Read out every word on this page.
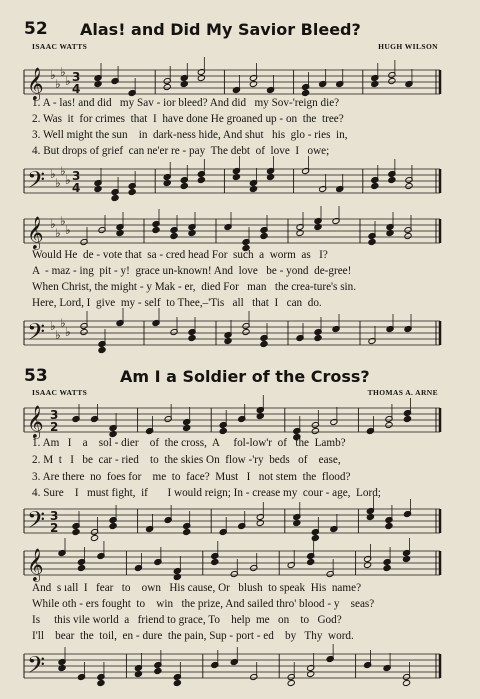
52 Alas! and Did My Savior Bleed?
ISAAC WATTS	HUGH WILSON
𝄞 ♭
♭
♭
♭ 3
4
1. A - las! and did   my Sav - ior bleed? And did   my Sov-'reign die?
2. Was  it  for crimes  that  I  have done He groaned up - on  the  tree?
3. Well might the sun    in  dark-ness hide, And shut   his  glo - ries  in,
4. But drops of grief  can ne'er re - pay  The debt  of  love  I   owe;
𝄢 ♭
♭
♭
♭ 3
4
𝄞 ♭
♭
♭
♭
Would He  de - vote that  sa - cred head For  such  a  worm  as   I?
A  - maz - ing  pit - y!  grace un-known! And  love   be - yond  de-gree!
When Christ, the might - y Mak - er,  died For   man   the crea-ture's sin.
Here, Lord, I  give  my - self  to Thee,–'Tis   all   that  I   can  do.
𝄢 ♭
♭
♭
♭
53	Am I a Soldier of the Cross?
ISAAC WATTS	THOMAS A. ARNE
𝄞 3
2
1. Am   I    a    sol - dier    of  the cross,  A     fol-low'r  of   the  Lamb?
2. M  t   I   be  car - ried    to  the skies On  flow -'ry  beds   of    ease,
3. Are there  no  foes for    me  to  face?  Must   I   not stem  the  flood?
4. Sure    I   must fight,  if       I would reign; In - crease my  cour - age,  Lord;
𝄢 3
2
𝄞
And  s ıall  I   fear   to    own   His cause, Or   blush  to speak  His  name?
While oth - ers fought  to    win   the prize, And sailed thro' blood - y    seas?
Is     this vile world  a   friend to grace, To    help  me   on    to   God?
I'll    bear  the  toil,  en - dure  the pain, Sup - port - ed    by   Thy  word.
𝄢
